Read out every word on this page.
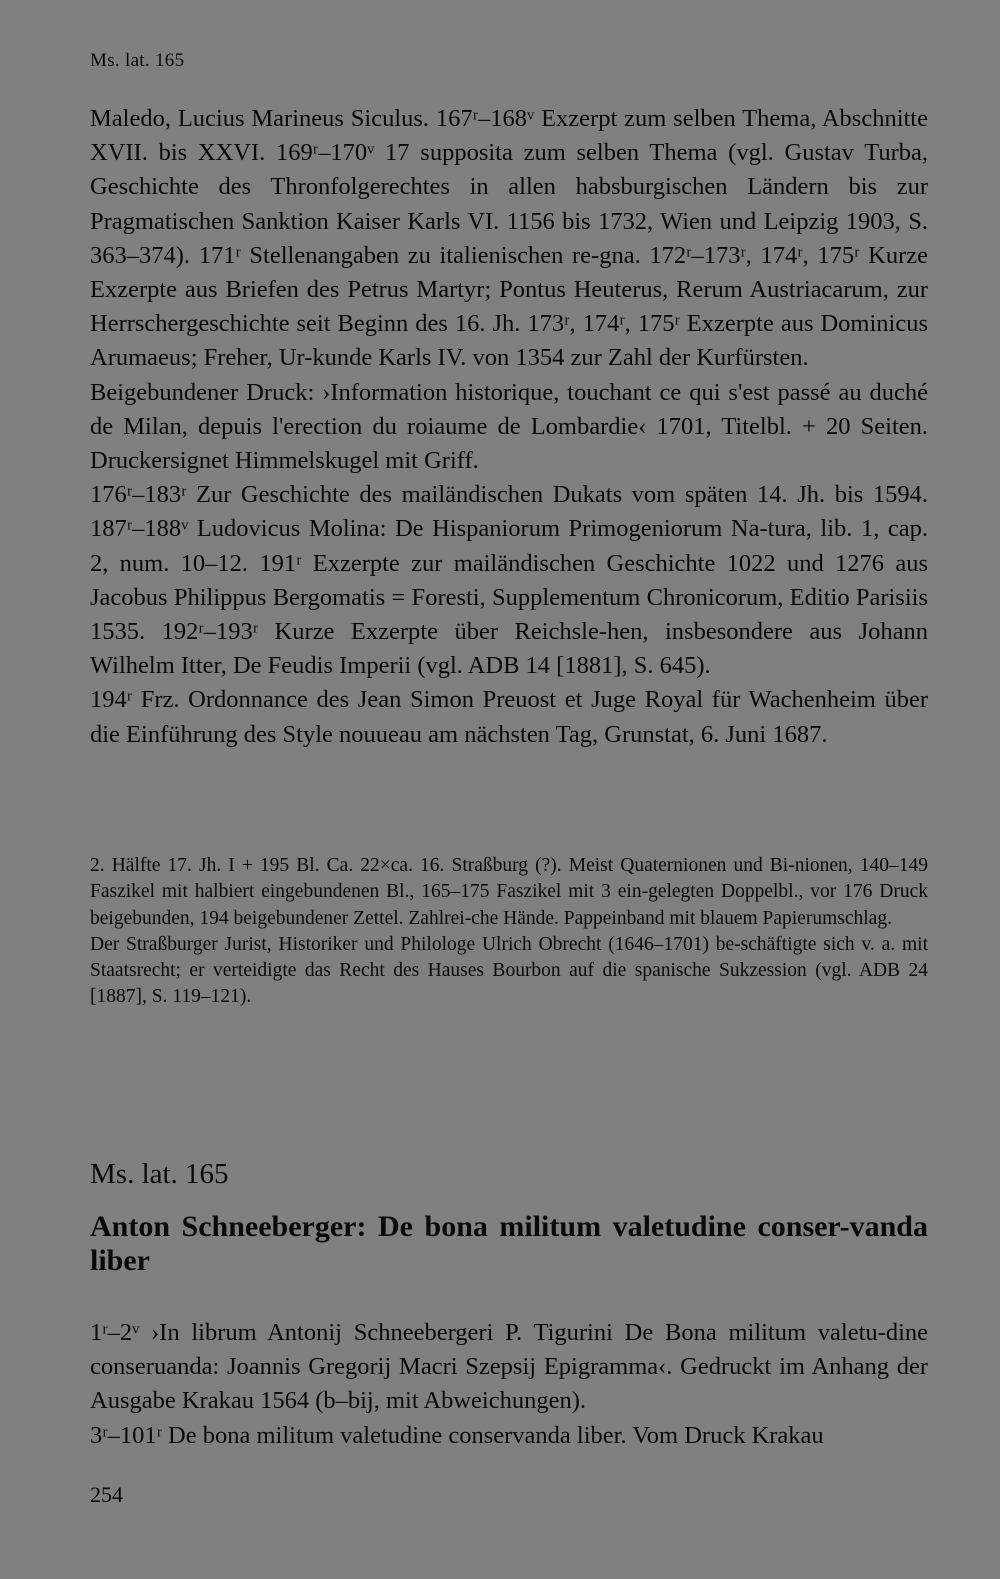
Ms. lat. 165

Maledo, Lucius Marineus Siculus. 167ʳ–168ᵛ Exzerpt zum selben Thema, Abschnitte XVII. bis XXVI. 169ʳ–170ᵛ 17 supposita zum selben Thema (vgl. Gustav Turba, Geschichte des Thronfolgerechtes in allen habsburgischen Ländern bis zur Pragmatischen Sanktion Kaiser Karls VI. 1156 bis 1732, Wien und Leipzig 1903, S. 363–374). 171ʳ Stellenangaben zu italienischen re-gna. 172ʳ–173ʳ, 174ʳ, 175ʳ Kurze Exzerpte aus Briefen des Petrus Martyr; Pontus Heuterus, Rerum Austriacarum, zur Herrschergeschichte seit Beginn des 16. Jh. 173ʳ, 174ʳ, 175ʳ Exzerpte aus Dominicus Arumaeus; Freher, Ur-kunde Karls IV. von 1354 zur Zahl der Kurfürsten.

Beigebundener Druck: ›Information historique, touchant ce qui s'est passé au duché de Milan, depuis l'erection du roiaume de Lombardie‹ 1701, Titelbl. + 20 Seiten. Druckersignet Himmelskugel mit Griff.

176ʳ–183ʳ Zur Geschichte des mailändischen Dukats vom späten 14. Jh. bis 1594. 187ʳ–188ᵛ Ludovicus Molina: De Hispaniorum Primogeniorum Na-tura, lib. 1, cap. 2, num. 10–12. 191ʳ Exzerpte zur mailändischen Geschichte 1022 und 1276 aus Jacobus Philippus Bergomatis = Foresti, Supplementum Chronicorum, Editio Parisiis 1535. 192ʳ–193ʳ Kurze Exzerpte über Reichsle-hen, insbesondere aus Johann Wilhelm Itter, De Feudis Imperii (vgl. ADB 14 [1881], S. 645).

194ʳ Frz. Ordonnance des Jean Simon Preuost et Juge Royal für Wachenheim über die Einführung des Style nouueau am nächsten Tag, Grunstat, 6. Juni 1687.

2. Hälfte 17. Jh. I + 195 Bl. Ca. 22×ca. 16. Straßburg (?). Meist Quaternionen und Bi-nionen, 140–149 Faszikel mit halbiert eingebundenen Bl., 165–175 Faszikel mit 3 ein-gelegten Doppelbl., vor 176 Druck beigebunden, 194 beigebundener Zettel. Zahlrei-che Hände. Pappeinband mit blauem Papierumschlag.

Der Straßburger Jurist, Historiker und Philologe Ulrich Obrecht (1646–1701) be-schäftigte sich v. a. mit Staatsrecht; er verteidigte das Recht des Hauses Bourbon auf die spanische Sukzession (vgl. ADB 24 [1887], S. 119–121).

Ms. lat. 165
Anton Schneeberger: De bona militum valetudine conser-vanda liber

1ʳ–2ᵛ ›In librum Antonij Schneebergeri P. Tigurini De Bona militum valetu-dine conseruanda: Joannis Gregorij Macri Szepsij Epigramma‹. Gedruckt im Anhang der Ausgabe Krakau 1564 (b–bij, mit Abweichungen).

3ʳ–101ʳ De bona militum valetudine conservanda liber. Vom Druck Krakau

254
